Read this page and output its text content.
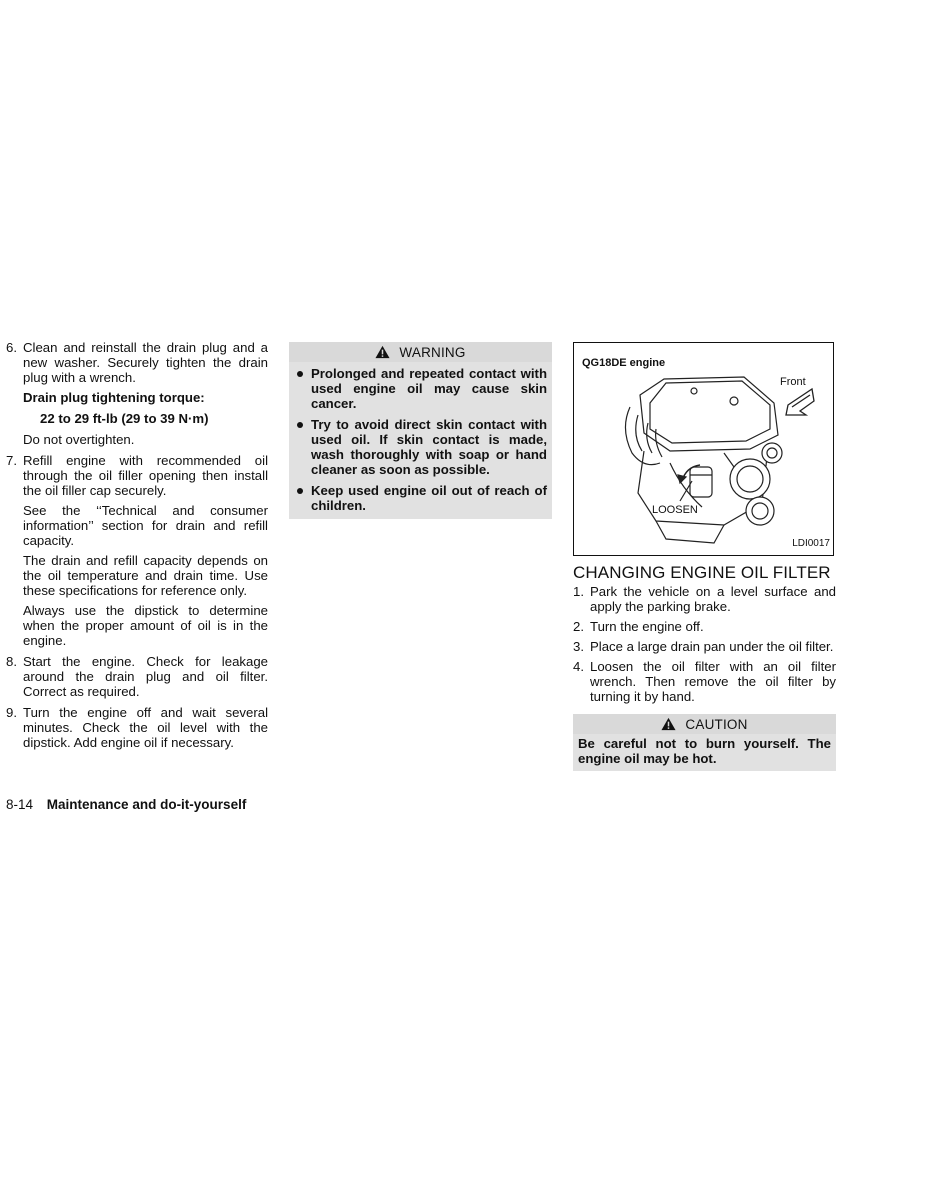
6. Clean and reinstall the drain plug and a new washer. Securely tighten the drain plug with a wrench.
Drain plug tightening torque:
22 to 29 ft-lb (29 to 39 N·m)
Do not overtighten.
7. Refill engine with recommended oil through the oil filler opening then install the oil filler cap securely.
See the ‘‘Technical and consumer information’’ section for drain and refill capacity.
The drain and refill capacity depends on the oil temperature and drain time. Use these specifications for reference only.
Always use the dipstick to determine when the proper amount of oil is in the engine.
8. Start the engine. Check for leakage around the drain plug and oil filter. Correct as required.
9. Turn the engine off and wait several minutes. Check the oil level with the dipstick. Add engine oil if necessary.
WARNING
Prolonged and repeated contact with used engine oil may cause skin cancer.
Try to avoid direct skin contact with used oil. If skin contact is made, wash thoroughly with soap or hand cleaner as soon as possible.
Keep used engine oil out of reach of children.
QG18DE engine
Front
LOOSEN
LDI0017
CHANGING ENGINE OIL FILTER
1. Park the vehicle on a level surface and apply the parking brake.
2. Turn the engine off.
3. Place a large drain pan under the oil filter.
4. Loosen the oil filter with an oil filter wrench. Then remove the oil filter by turning it by hand.
CAUTION
Be careful not to burn yourself. The engine oil may be hot.
8-14 Maintenance and do-it-yourself
